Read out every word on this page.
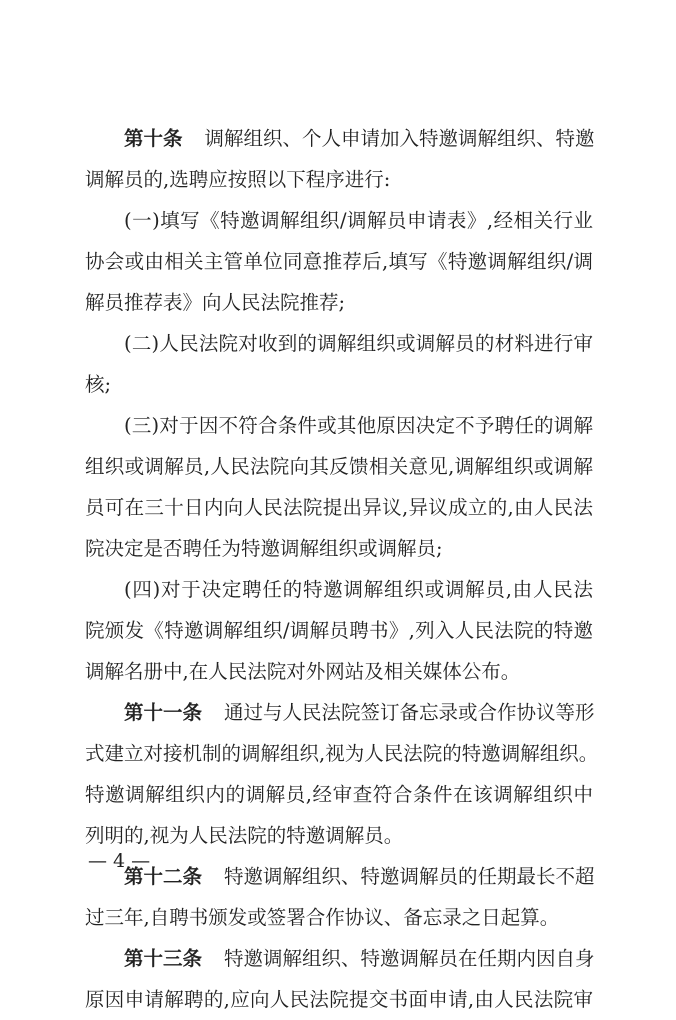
第十条 调解组织、个人申请加入特邀调解组织、特邀
调解员的,选聘应按照以下程序进行:
(一)填写《特邀调解组织/调解员申请表》,经相关行业
协会或由相关主管单位同意推荐后,填写《特邀调解组织/调
解员推荐表》向人民法院推荐;
(二)人民法院对收到的调解组织或调解员的材料进行审
核;
(三)对于因不符合条件或其他原因决定不予聘任的调解
组织或调解员,人民法院向其反馈相关意见,调解组织或调解
员可在三十日内向人民法院提出异议,异议成立的,由人民法
院决定是否聘任为特邀调解组织或调解员;
(四)对于决定聘任的特邀调解组织或调解员,由人民法
院颁发《特邀调解组织/调解员聘书》,列入人民法院的特邀
调解名册中,在人民法院对外网站及相关媒体公布。
第十一条 通过与人民法院签订备忘录或合作协议等形
式建立对接机制的调解组织,视为人民法院的特邀调解组织。
特邀调解组织内的调解员,经审查符合条件在该调解组织中
列明的,视为人民法院的特邀调解员。
第十二条 特邀调解组织、特邀调解员的任期最长不超
过三年,自聘书颁发或签署合作协议、备忘录之日起算。
第十三条 特邀调解组织、特邀调解员在任期内因自身
原因申请解聘的,应向人民法院提交书面申请,由人民法院审
— 4 —
